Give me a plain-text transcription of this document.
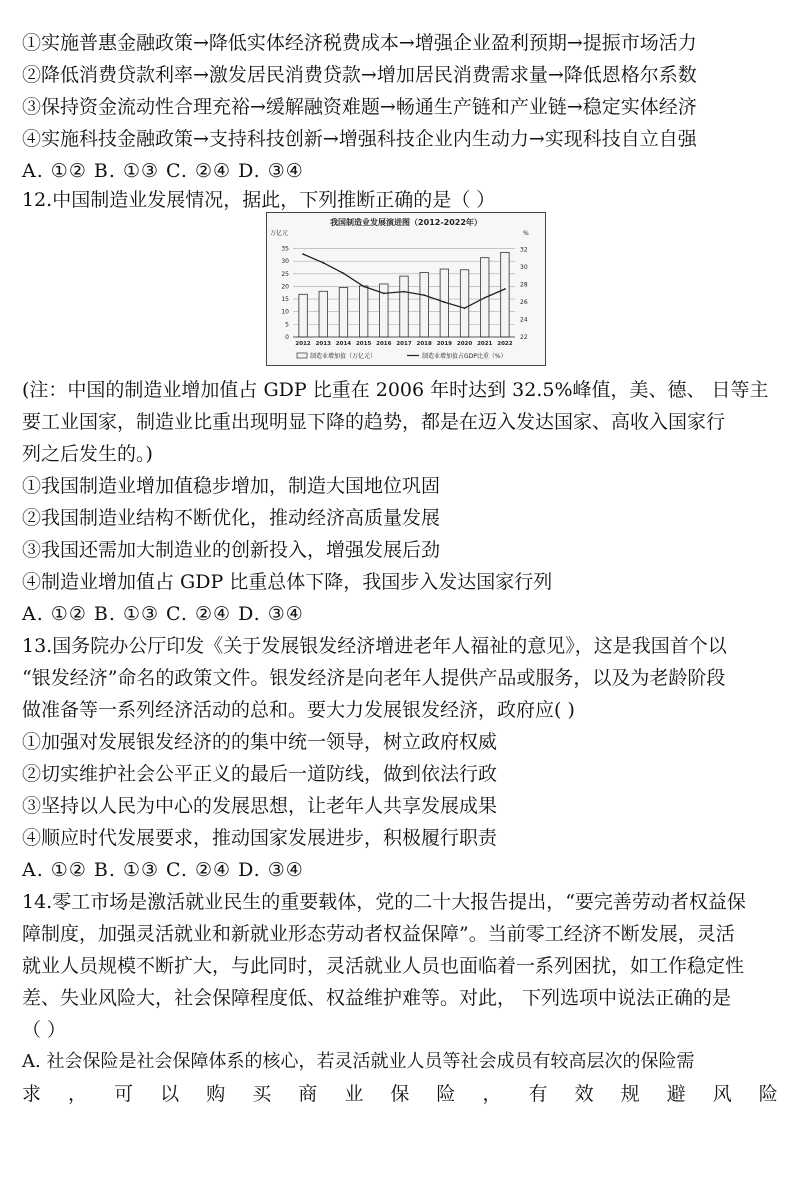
①实施普惠金融政策→降低实体经济税费成本→增强企业盈利预期→提振市场活力
②降低消费贷款利率→激发居民消费贷款→增加居民消费需求量→降低恩格尔系数
③保持资金流动性合理充裕→缓解融资难题→畅通生产链和产业链→稳定实体经济
④实施科技金融政策→支持科技创新→增强科技企业内生动力→实现科技自立自强
A. ①② B. ①③ C. ②④ D. ③④
12.中国制造业发展情况，据此，下列推断正确的是（ ）
我国制造业发展演进图（2012-2022年）
万亿元	%
0
5
10
15
20
25
30
35
22
24
26
28
30
32
2012 2013 2014 2015 2016 2017 2018 2019 2020 2021 2022
制造业增加值（万亿元）	制造业增加值占GDP比重（%）
(注：中国的制造业增加值占 GDP 比重在 2006 年时达到 32.5%峰值，美、德、 日等主
要工业国家，制造业比重出现明显下降的趋势，都是在迈入发达国家、高收入国家行
列之后发生的。)
①我国制造业增加值稳步增加，制造大国地位巩固
②我国制造业结构不断优化，推动经济高质量发展
③我国还需加大制造业的创新投入，增强发展后劲
④制造业增加值占 GDP 比重总体下降，我国步入发达国家行列
A. ①② B. ①③ C. ②④ D. ③④
13.国务院办公厅印发《关于发展银发经济增进老年人福祉的意见》，这是我国首个以
“银发经济”命名的政策文件。银发经济是向老年人提供产品或服务，以及为老龄阶段
做准备等一系列经济活动的总和。要大力发展银发经济，政府应( )
①加强对发展银发经济的的集中统一领导，树立政府权威
②切实维护社会公平正义的最后一道防线，做到依法行政
③坚持以人民为中心的发展思想，让老年人共享发展成果
④顺应时代发展要求，推动国家发展进步，积极履行职责
A. ①② B. ①③ C. ②④ D. ③④
14.零工市场是激活就业民生的重要载体，党的二十大报告提出，“要完善劳动者权益保
障制度，加强灵活就业和新就业形态劳动者权益保障”。当前零工经济不断发展，灵活
就业人员规模不断扩大，与此同时，灵活就业人员也面临着一系列困扰，如工作稳定性
差、失业风险大，社会保障程度低、权益维护难等。对此， 下列选项中说法正确的是
（ ）
A. 社会保险是社会保障体系的核心，若灵活就业人员等社会成员有较高层次的保险需
求 ， 可 以 购 买 商 业 保 险 ， 有 效 规 避 风 险
